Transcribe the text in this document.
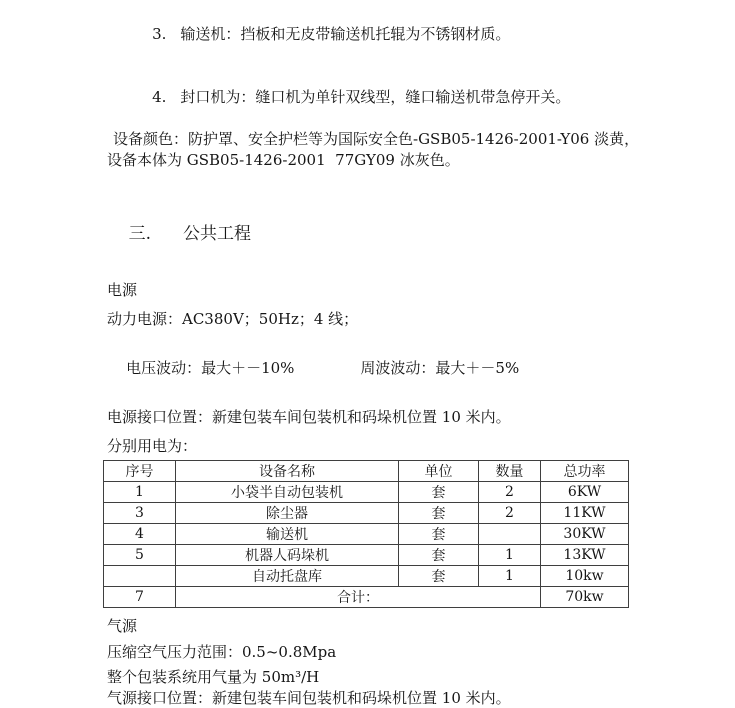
3. 输送机：挡板和无皮带输送机托辊为不锈钢材质。

4. 封口机为：缝口机为单针双线型，缝口输送机带急停开关。

设备颜色：防护罩、安全护栏等为国际安全色-GSB05-1426-2001-Y06 淡黄，
设备本体为 GSB05-1426-2001  77GY09 冰灰色。

三. 公共工程

电源
动力电源：AC380V；50Hz；4 线；

电压波动：最大＋－10%	周波波动：最大＋－5%

电源接口位置：新建包装车间包装机和码垛机位置 10 米内。
分别用电为：
序号	设备名称	单位	数量	总功率
1	小袋半自动包装机	套	2	6KW
3	除尘器	套	2	11KW
4	输送机	套		30KW
5	机器人码垛机	套	1	13KW
	自动托盘库	套	1	10kw
7	合计：			70kw
气源
压缩空气压力范围：0.5~0.8Mpa
整个包装系统用气量为 50m³/H
气源接口位置：新建包装车间包装机和码垛机位置 10 米内。
